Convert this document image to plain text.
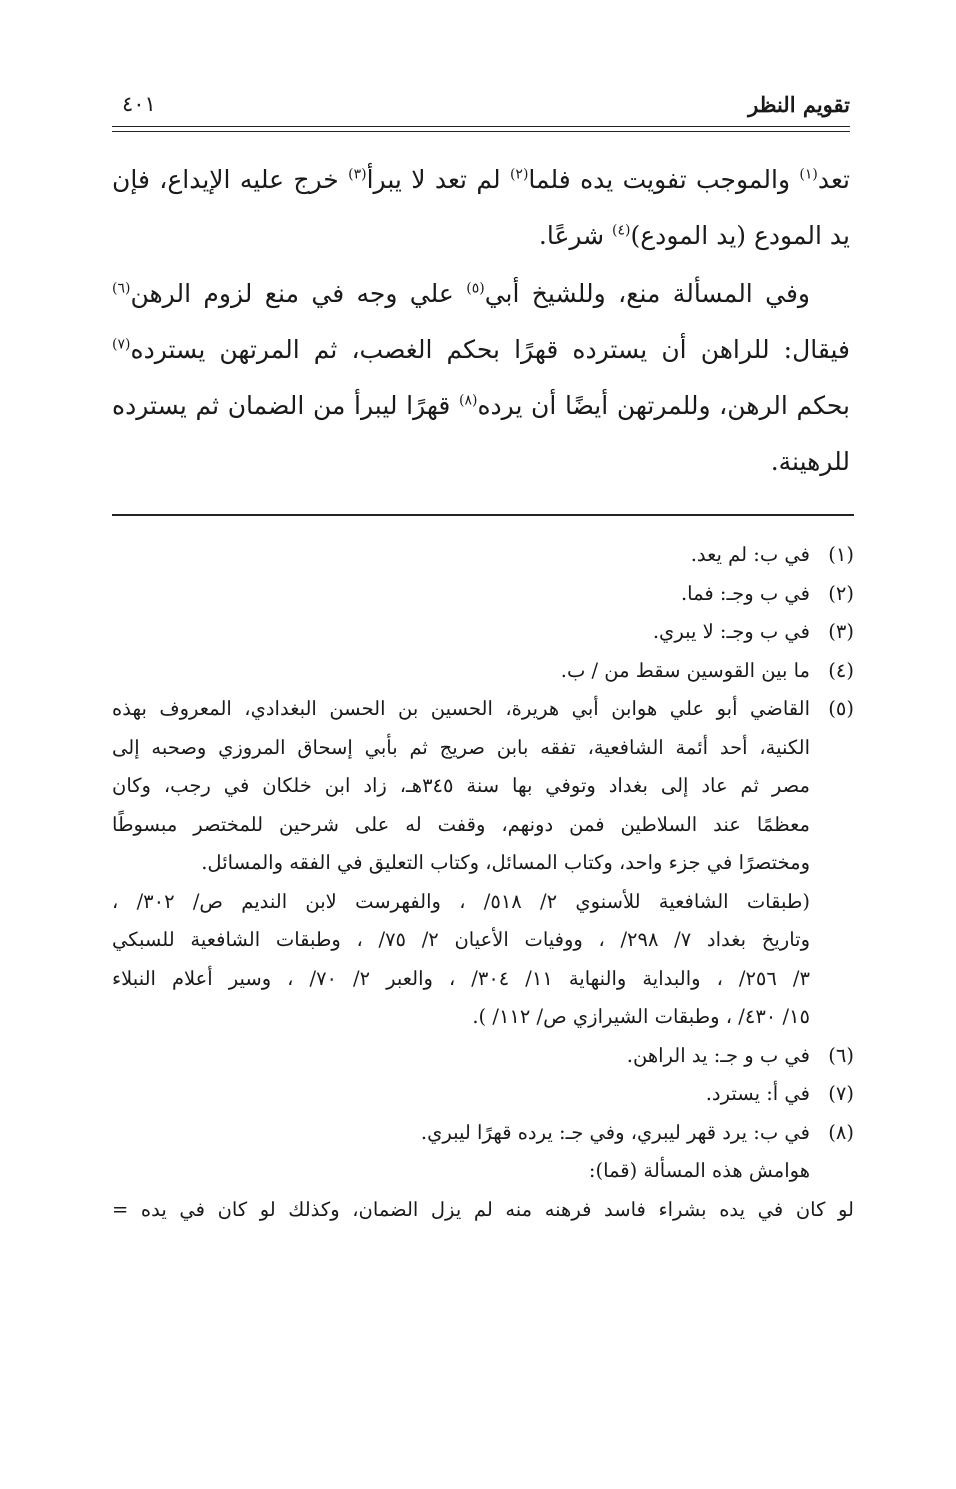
تقويم النظر
٤٠١

تعد$^{(١)}$ والموجب تفويت يده فلما$^{(٢)}$ لم تعد لا يبرأ$^{(٣)}$ خرج عليه الإيداع، فإن يد المودع (يد المودع)$^{(٤)}$ شرعًا.

وفي المسألة منع، وللشيخ أبي$^{(٥)}$ علي وجه في منع لزوم الرهن$^{(٦)}$ فيقال: للراهن أن يسترده قهرًا بحكم الغصب، ثم المرتهن يسترده$^{(٧)}$ بحكم الرهن، وللمرتهن أيضًا أن يرده$^{(٨)}$ قهرًا ليبرأ من الضمان ثم يسترده للرهينة.

(١)
في ب: لم يعد.
(٢)
في ب وجـ: فما.
(٣)
في ب وجـ: لا يبري.
(٤)
ما بين القوسين سقط من / ب.
(٥)
القاضي أبو علي هوابن أبي هريرة، الحسين بن الحسن البغدادي، المعروف بهذه
الكنية، أحد أئمة الشافعية، تفقه بابن صريج ثم بأبي إسحاق المروزي وصحبه إلى
مصر ثم عاد إلى بغداد وتوفي بها سنة ٣٤٥هـ، زاد ابن خلكان في رجب، وكان
معظمًا عند السلاطين فمن دونهم، وقفت له على شرحين للمختصر مبسوطًا
ومختصرًا في جزء واحد، وكتاب المسائل، وكتاب التعليق في الفقه والمسائل.
(طبقات الشافعية للأسنوي ٢/ ٥١٨/ ، والفهرست لابن النديم ص/ ٣٠٢/ ،
وتاريخ بغداد ٧/ ٢٩٨/ ، ووفيات الأعيان ٢/ ٧٥/ ، وطبقات الشافعية للسبكي
٣/ ٢٥٦/ ، والبداية والنهاية ١١/ ٣٠٤/ ، والعبر ٢/ ٧٠/ ، وسير أعلام النبلاء
١٥/ ٤٣٠/ ، وطبقات الشيرازي ص/ ١١٢/ ).
(٦)
في ب و جـ: يد الراهن.
(٧)
في أ: يسترد.
(٨)
في ب: يرد قهر ليبري، وفي جـ: يرده قهرًا ليبري.
هوامش هذه المسألة (قما):
لو كان في يده بشراء فاسد فرهنه منه لم يزل الضمان، وكذلك لو كان في يده =
